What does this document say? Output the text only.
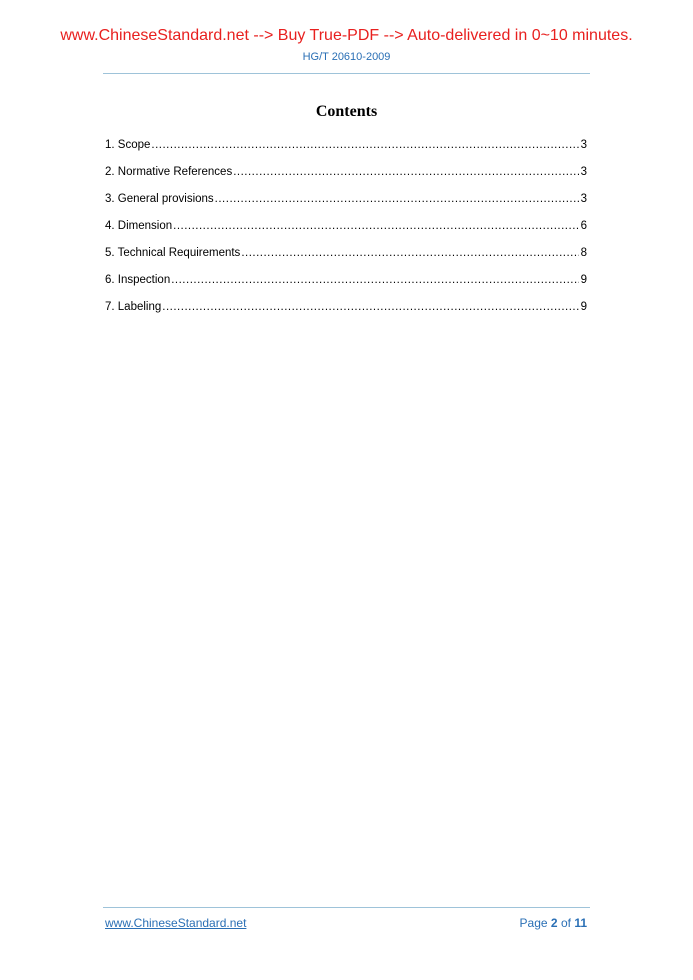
www.ChineseStandard.net --> Buy True-PDF --> Auto-delivered in 0~10 minutes.
HG/T 20610-2009
Contents
1. Scope .....	3
2. Normative References .....	3
3. General provisions .....	3
4. Dimension .....	6
5. Technical Requirements .....	8
6. Inspection .....	9
7. Labeling .....	9
www.ChineseStandard.net	Page 2 of 11
